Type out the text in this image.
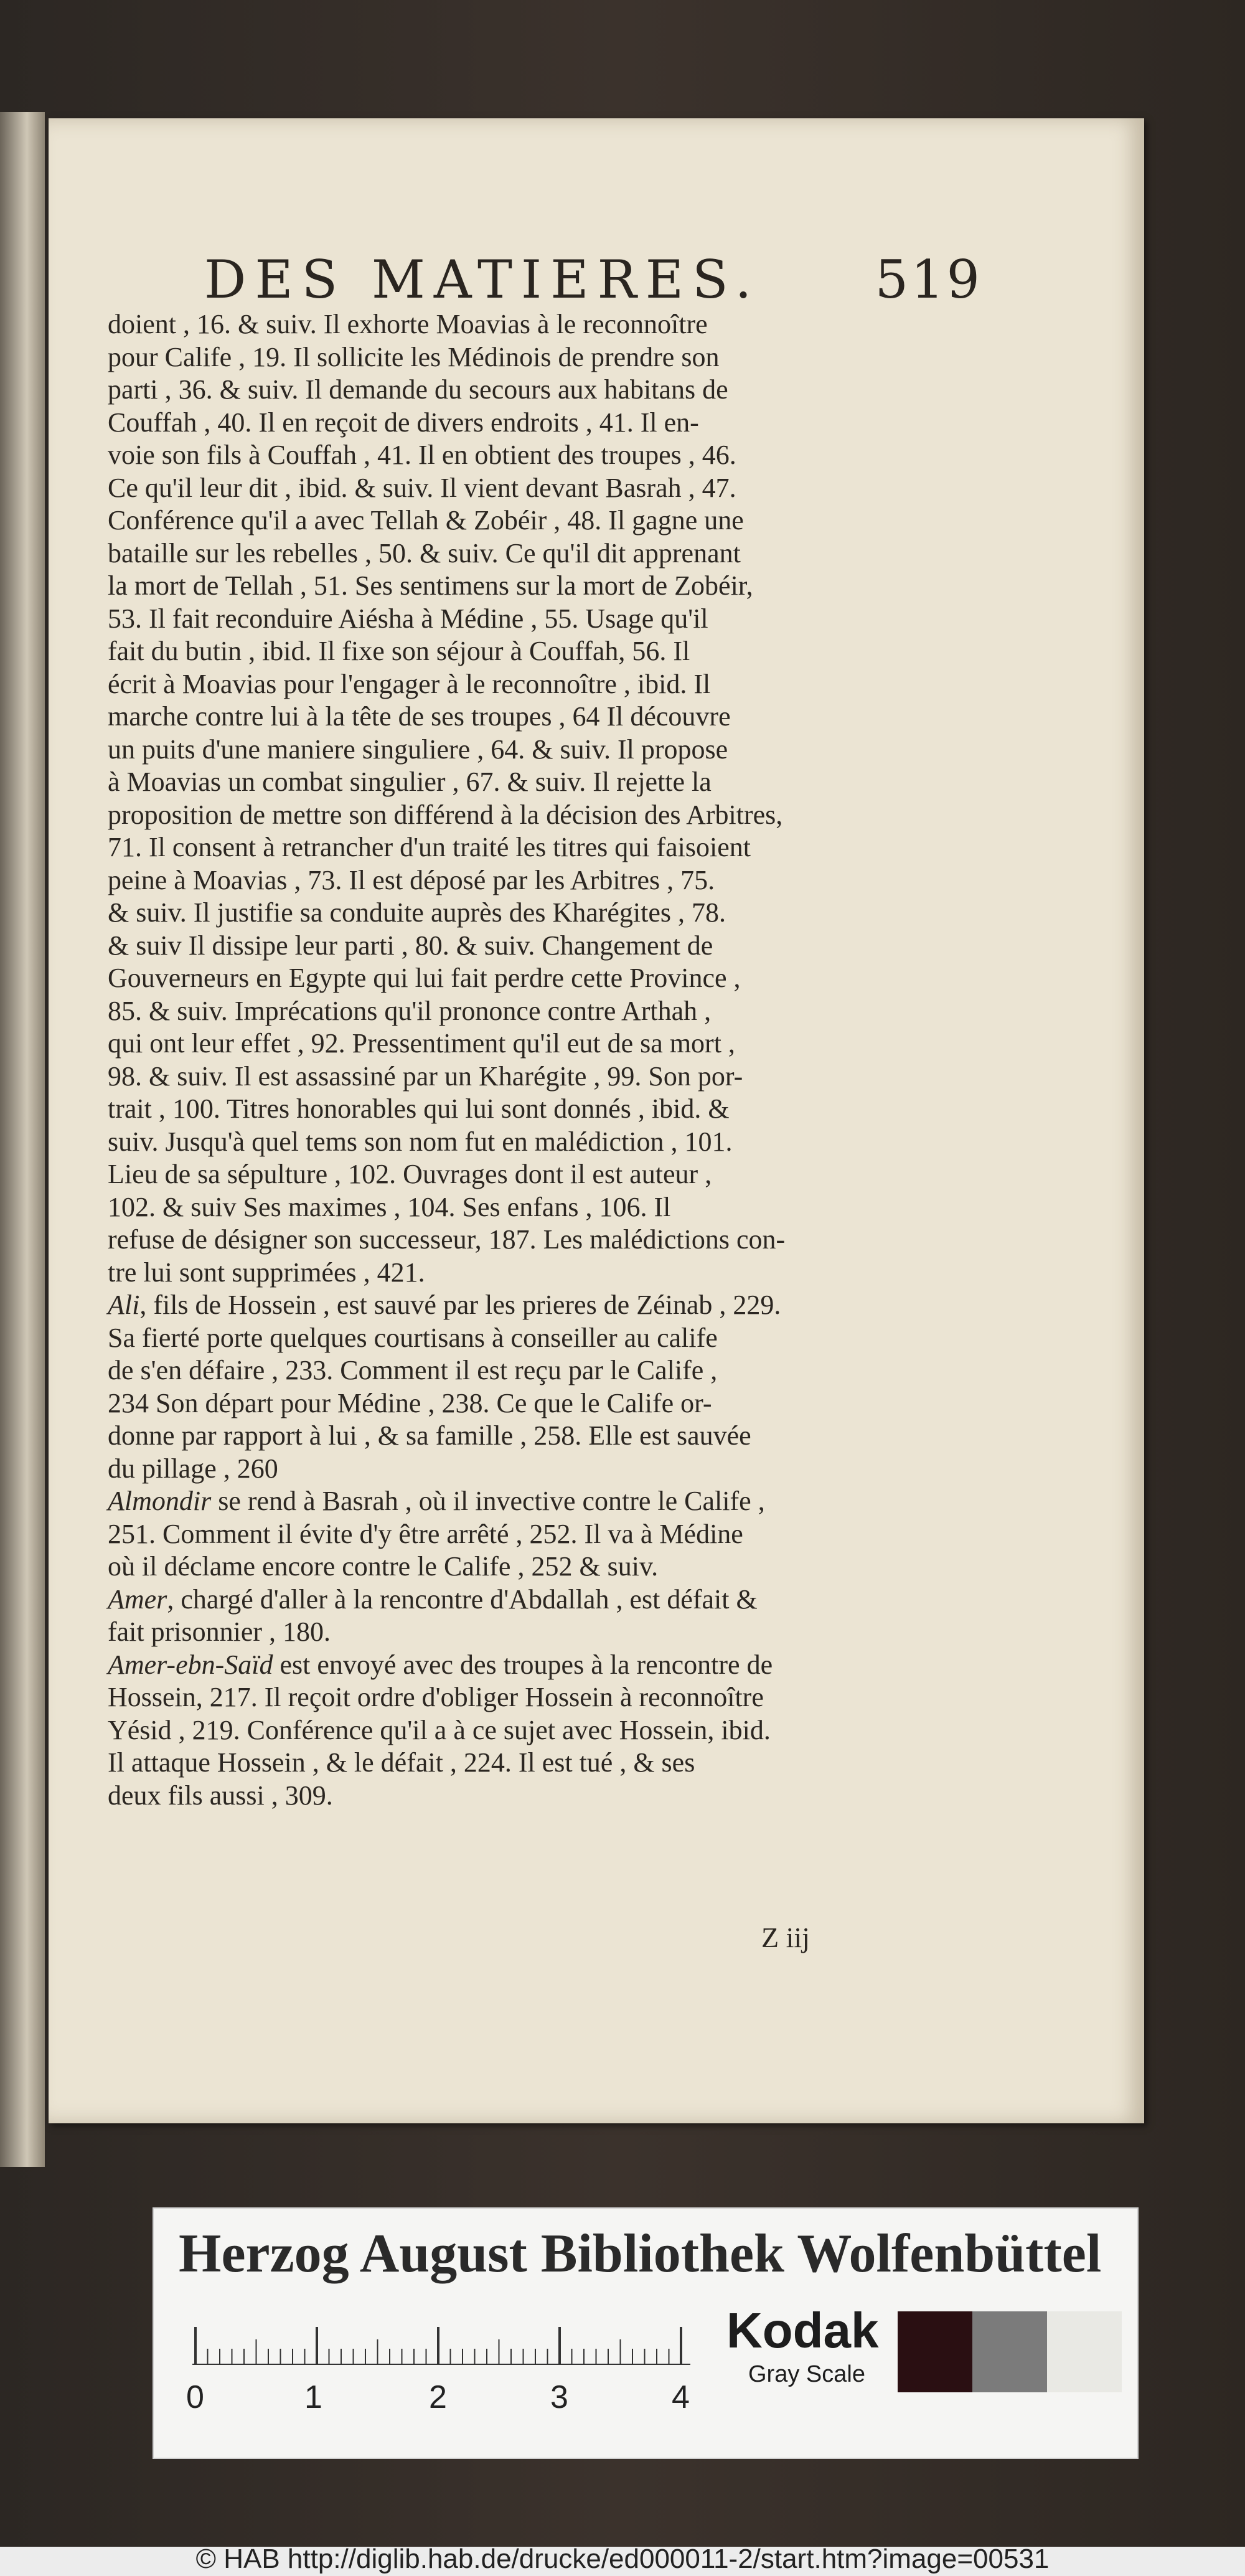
DES MATIERES. 519
doient , 16. & suiv. Il exhorte Moavias à le reconnoître
pour Calife , 19. Il sollicite les Médinois de prendre son
parti , 36. & suiv. Il demande du secours aux habitans de
Couffah , 40. Il en reçoit de divers endroits , 41. Il en-
voie son fils à Couffah , 41. Il en obtient des troupes , 46.
Ce qu'il leur dit , ibid. & suiv. Il vient devant Basrah , 47.
Conférence qu'il a avec Tellah & Zobéir , 48. Il gagne une
bataille sur les rebelles , 50. & suiv. Ce qu'il dit apprenant
la mort de Tellah , 51. Ses sentimens sur la mort de Zobéir,
53. Il fait reconduire Aiésha à Médine , 55. Usage qu'il
fait du butin , ibid. Il fixe son séjour à Couffah, 56. Il
écrit à Moavias pour l'engager à le reconnoître , ibid. Il
marche contre lui à la tête de ses troupes , 64 Il découvre
un puits d'une maniere singuliere , 64. & suiv. Il propose
à Moavias un combat singulier , 67. & suiv. Il rejette la
proposition de mettre son différend à la décision des Arbitres,
71. Il consent à retrancher d'un traité les titres qui faisoient
peine à Moavias , 73. Il est déposé par les Arbitres , 75.
& suiv. Il justifie sa conduite auprès des Kharégites , 78.
& suiv Il dissipe leur parti , 80. & suiv. Changement de
Gouverneurs en Egypte qui lui fait perdre cette Province ,
85. & suiv. Imprécations qu'il prononce contre Arthah ,
qui ont leur effet , 92. Pressentiment qu'il eut de sa mort ,
98. & suiv. Il est assassiné par un Kharégite , 99. Son por-
trait , 100. Titres honorables qui lui sont donnés , ibid. &
suiv. Jusqu'à quel tems son nom fut en malédiction , 101.
Lieu de sa sépulture , 102. Ouvrages dont il est auteur ,
102. & suiv Ses maximes , 104. Ses enfans , 106. Il
refuse de désigner son successeur, 187. Les malédictions con-
tre lui sont supprimées , 421.
Ali, fils de Hossein , est sauvé par les prieres de Zéinab , 229.
Sa fierté porte quelques courtisans à conseiller au calife
de s'en défaire , 233. Comment il est reçu par le Calife ,
234 Son départ pour Médine , 238. Ce que le Calife or-
donne par rapport à lui , & sa famille , 258. Elle est sauvée
du pillage , 260
Almondir se rend à Basrah , où il invective contre le Calife ,
251. Comment il évite d'y être arrêté , 252. Il va à Médine
où il déclame encore contre le Calife , 252 & suiv.
Amer, chargé d'aller à la rencontre d'Abdallah , est défait &
fait prisonnier , 180.
Amer-ebn-Saïd est envoyé avec des troupes à la rencontre de
Hossein, 217. Il reçoit ordre d'obliger Hossein à reconnoître
Yésid , 219. Conférence qu'il a à ce sujet avec Hossein, ibid.
Il attaque Hossein , & le défait , 224. Il est tué , & ses
deux fils aussi , 309.
Z iij
Herzog August Bibliothek Wolfenbüttel
0	1	2	3	4
Kodak
Gray Scale
© HAB http://diglib.hab.de/drucke/ed000011-2/start.htm?image=00531
